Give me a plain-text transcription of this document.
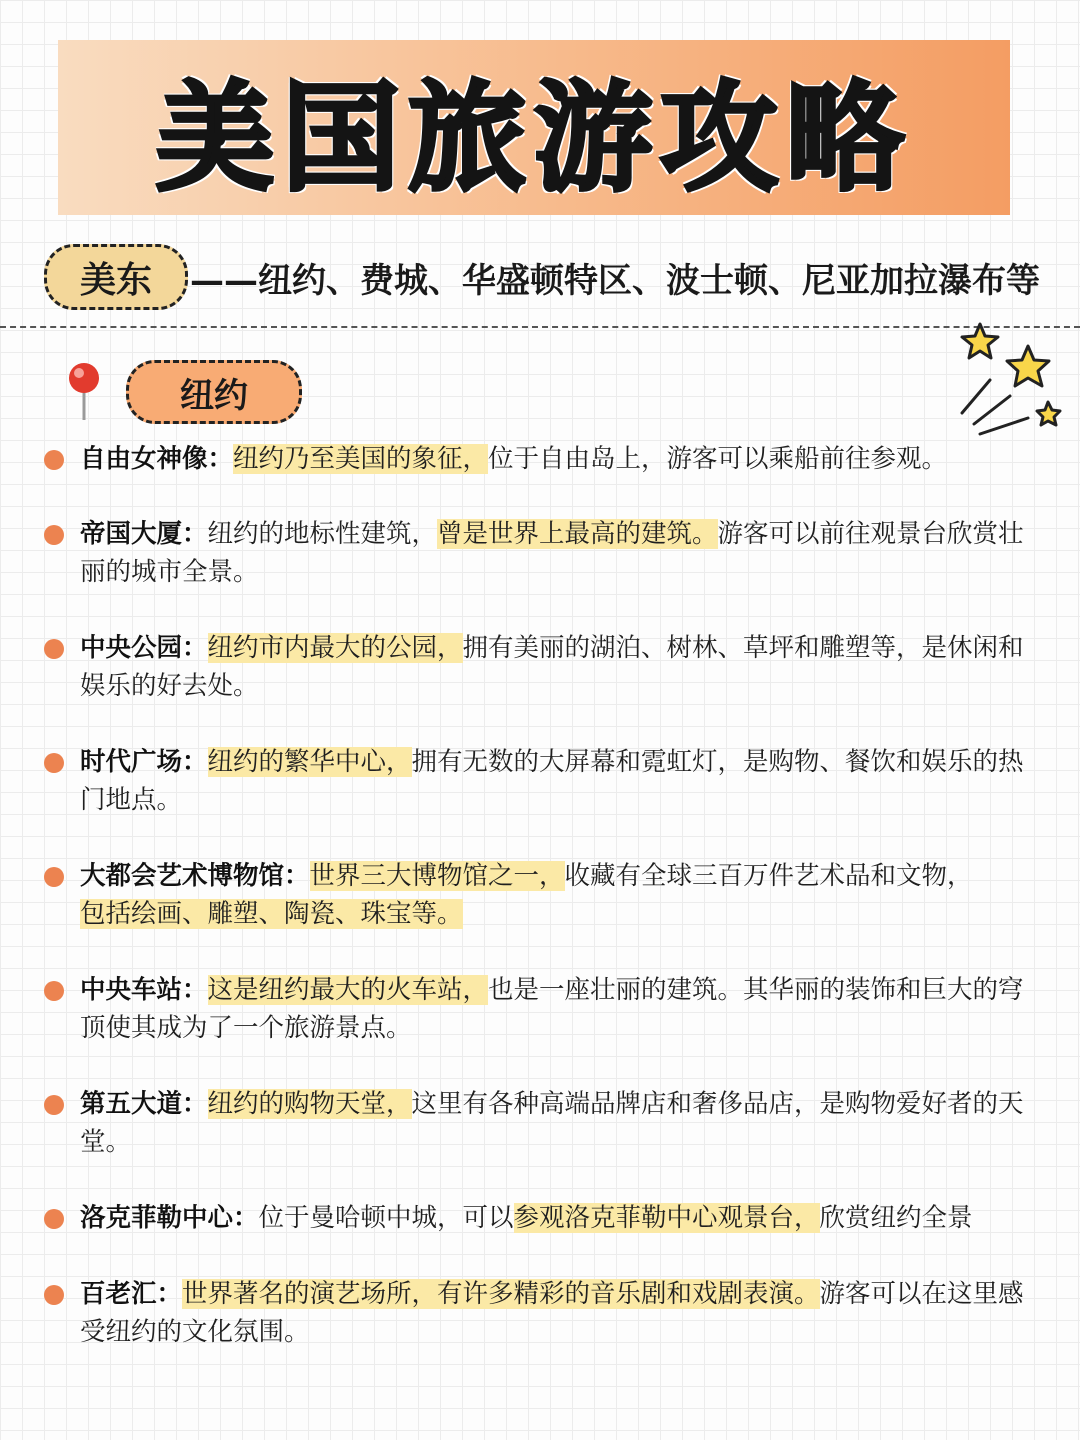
美国旅游攻略
美东	——纽约、费城、华盛顿特区、波士顿、尼亚加拉瀑布等
纽约
自由女神像：纽约乃至美国的象征，位于自由岛上，游客可以乘船前往参观。
帝国大厦：纽约的地标性建筑，曾是世界上最高的建筑。游客可以前往观景台欣赏壮丽的城市全景。
中央公园：纽约市内最大的公园，拥有美丽的湖泊、树林、草坪和雕塑等，是休闲和娱乐的好去处。
时代广场：纽约的繁华中心，拥有无数的大屏幕和霓虹灯，是购物、餐饮和娱乐的热门地点。
大都会艺术博物馆：世界三大博物馆之一，收藏有全球三百万件艺术品和文物，包括绘画、雕塑、陶瓷、珠宝等。
中央车站：这是纽约最大的火车站，也是一座壮丽的建筑。其华丽的装饰和巨大的穹顶使其成为了一个旅游景点。
第五大道：纽约的购物天堂，这里有各种高端品牌店和奢侈品店，是购物爱好者的天堂。
洛克菲勒中心：位于曼哈顿中城，可以参观洛克菲勒中心观景台，欣赏纽约全景
百老汇：世界著名的演艺场所，有许多精彩的音乐剧和戏剧表演。游客可以在这里感受纽约的文化氛围。
